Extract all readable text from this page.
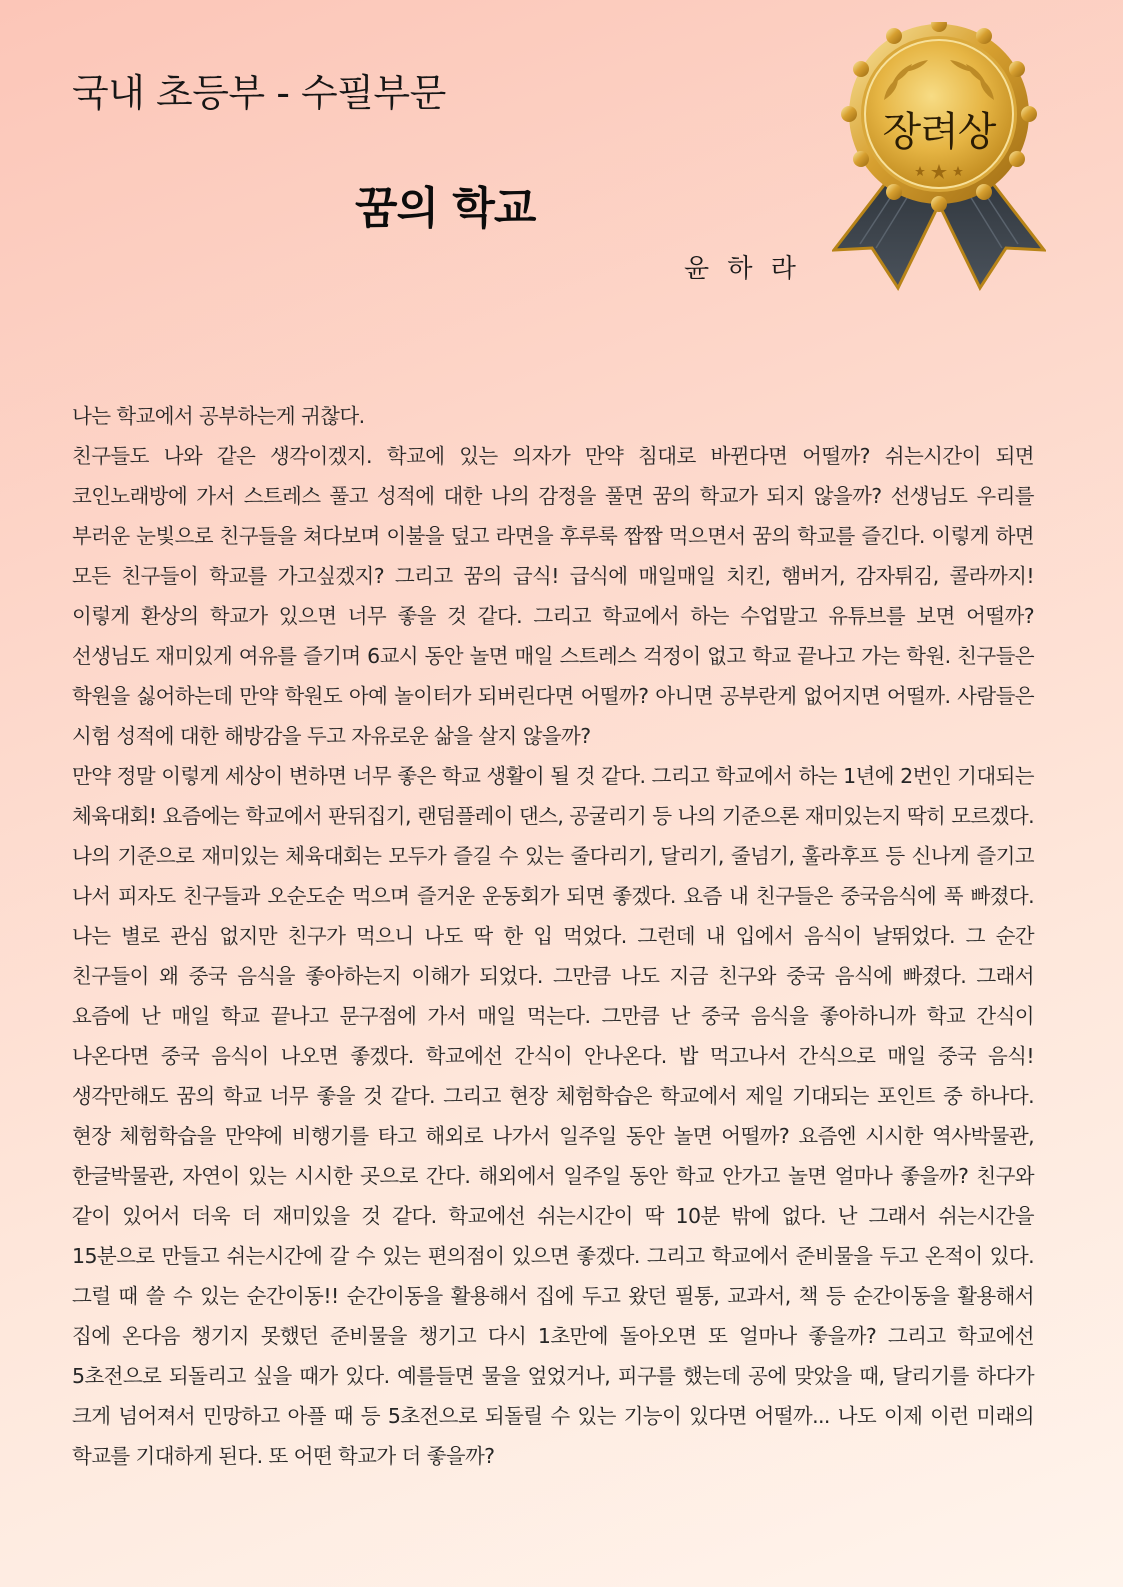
국내 초등부 - 수필부문
꿈의 학교
윤 하 라
장려상

나는 학교에서 공부하는게 귀찮다.

친구들도 나와 같은 생각이겠지. 학교에 있는 의자가 만약 침대로 바뀐다면 어떨까? 쉬는시간이 되면 코인노래방에 가서 스트레스 풀고 성적에 대한 나의 감정을 풀면 꿈의 학교가 되지 않을까? 선생님도 우리를 부러운 눈빛으로 친구들을 쳐다보며 이불을 덮고 라면을 후루룩 짭짭 먹으면서 꿈의 학교를 즐긴다. 이렇게 하면 모든 친구들이 학교를 가고싶겠지? 그리고 꿈의 급식! 급식에 매일매일 치킨, 햄버거, 감자튀김, 콜라까지! 이렇게 환상의 학교가 있으면 너무 좋을 것 같다. 그리고 학교에서 하는 수업말고 유튜브를 보면 어떨까? 선생님도 재미있게 여유를 즐기며 6교시 동안 놀면 매일 스트레스 걱정이 없고 학교 끝나고 가는 학원. 친구들은 학원을 싫어하는데 만약 학원도 아예 놀이터가 되버린다면 어떨까? 아니면 공부란게 없어지면 어떨까. 사람들은 시험 성적에 대한 해방감을 두고 자유로운 삶을 살지 않을까?

만약 정말 이렇게 세상이 변하면 너무 좋은 학교 생활이 될 것 같다. 그리고 학교에서 하는 1년에 2번인 기대되는 체육대회! 요즘에는 학교에서 판뒤집기, 랜덤플레이 댄스, 공굴리기 등 나의 기준으론 재미있는지 딱히 모르겠다. 나의 기준으로 재미있는 체육대회는 모두가 즐길 수 있는 줄다리기, 달리기, 줄넘기, 훌라후프 등 신나게 즐기고 나서 피자도 친구들과 오순도순 먹으며 즐거운 운동회가 되면 좋겠다. 요즘 내 친구들은 중국음식에 푹 빠졌다. 나는 별로 관심 없지만 친구가 먹으니 나도 딱 한 입 먹었다. 그런데 내 입에서 음식이 날뛰었다. 그 순간 친구들이 왜 중국 음식을 좋아하는지 이해가 되었다. 그만큼 나도 지금 친구와 중국 음식에 빠졌다. 그래서 요즘에 난 매일 학교 끝나고 문구점에 가서 매일 먹는다. 그만큼 난 중국 음식을 좋아하니까 학교 간식이 나온다면 중국 음식이 나오면 좋겠다. 학교에선 간식이 안나온다. 밥 먹고나서 간식으로 매일 중국 음식! 생각만해도 꿈의 학교 너무 좋을 것 같다. 그리고 현장 체험학습은 학교에서 제일 기대되는 포인트 중 하나다. 현장 체험학습을 만약에 비행기를 타고 해외로 나가서 일주일 동안 놀면 어떨까? 요즘엔 시시한 역사박물관, 한글박물관, 자연이 있는 시시한 곳으로 간다. 해외에서 일주일 동안 학교 안가고 놀면 얼마나 좋을까? 친구와 같이 있어서 더욱 더 재미있을 것 같다. 학교에선 쉬는시간이 딱 10분 밖에 없다. 난 그래서 쉬는시간을 15분으로 만들고 쉬는시간에 갈 수 있는 편의점이 있으면 좋겠다. 그리고 학교에서 준비물을 두고 온적이 있다. 그럴 때 쓸 수 있는 순간이동!! 순간이동을 활용해서 집에 두고 왔던 필통, 교과서, 책 등 순간이동을 활용해서 집에 온다음 챙기지 못했던 준비물을 챙기고 다시 1초만에 돌아오면 또 얼마나 좋을까? 그리고 학교에선 5초전으로 되돌리고 싶을 때가 있다. 예를들면 물을 엎었거나, 피구를 했는데 공에 맞았을 때, 달리기를 하다가 크게 넘어져서 민망하고 아플 때 등 5초전으로 되돌릴 수 있는 기능이 있다면 어떨까... 나도 이제 이런 미래의 학교를 기대하게 된다. 또 어떤 학교가 더 좋을까?
